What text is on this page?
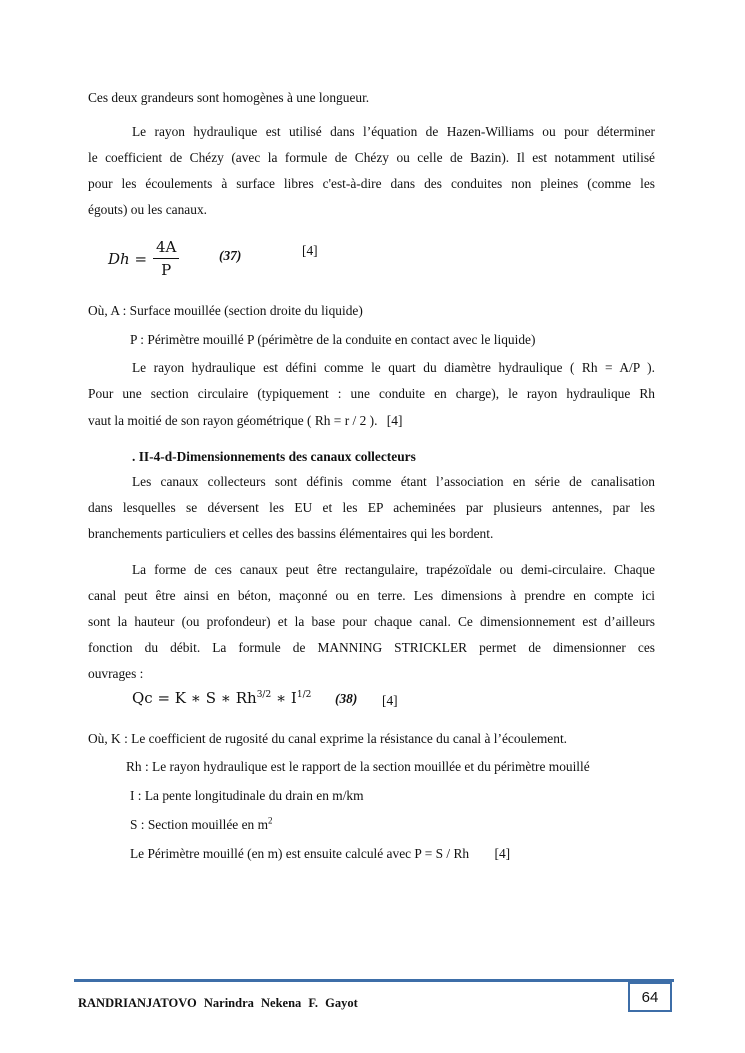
Ces deux grandeurs sont homogènes à une longueur.
Le rayon hydraulique est utilisé dans l’équation de Hazen-Williams ou pour déterminer
le coefficient de Chézy (avec la formule de Chézy ou celle de Bazin). Il est notamment utilisé
pour les écoulements à surface libres c'est-à-dire dans des conduites non pleines (comme les
égouts) ou les canaux.
$Dh = \frac{4A}{P}$	(37)	[4]
Où, A : Surface mouillée (section droite du liquide)
P : Périmètre mouillé P (périmètre de la conduite en contact avec le liquide)
Le rayon hydraulique est défini comme le quart du diamètre hydraulique ( Rh = A/P ).
Pour une section circulaire (typiquement : une conduite en charge), le rayon hydraulique Rh
vaut la moitié de son rayon géométrique ( Rh = r / 2 ). [4]
. II-4-d-Dimensionnements des canaux collecteurs
Les canaux collecteurs sont définis comme étant l’association en série de canalisation
dans lesquelles se déversent les EU et les EP acheminées par plusieurs antennes, par les
branchements particuliers et celles des bassins élémentaires qui les bordent.
La forme de ces canaux peut être rectangulaire, trapézoïdale ou demi-circulaire. Chaque
canal peut être ainsi en béton, maçonné ou en terre. Les dimensions à prendre en compte ici
sont la hauteur (ou profondeur) et la base pour chaque canal. Ce dimensionnement est d’ailleurs
fonction du débit. La formule de MANNING STRICKLER permet de dimensionner ces
ouvrages :
Qc = K ∗ S ∗ $Rh^{3/2}$ ∗ $I^{1/2}$ (38) [4]
Où, K : Le coefficient de rugosité du canal exprime la résistance du canal à l’écoulement.
Rh : Le rayon hydraulique est le rapport de la section mouillée et du périmètre mouillé
I : La pente longitudinale du drain en m/km
S : Section mouillée en $m^2$
Le Périmètre mouillé (en m) est ensuite calculé avec P = S / Rh [4]
RANDRIANJATOVO Narindra Nekena F. Gayot	64
